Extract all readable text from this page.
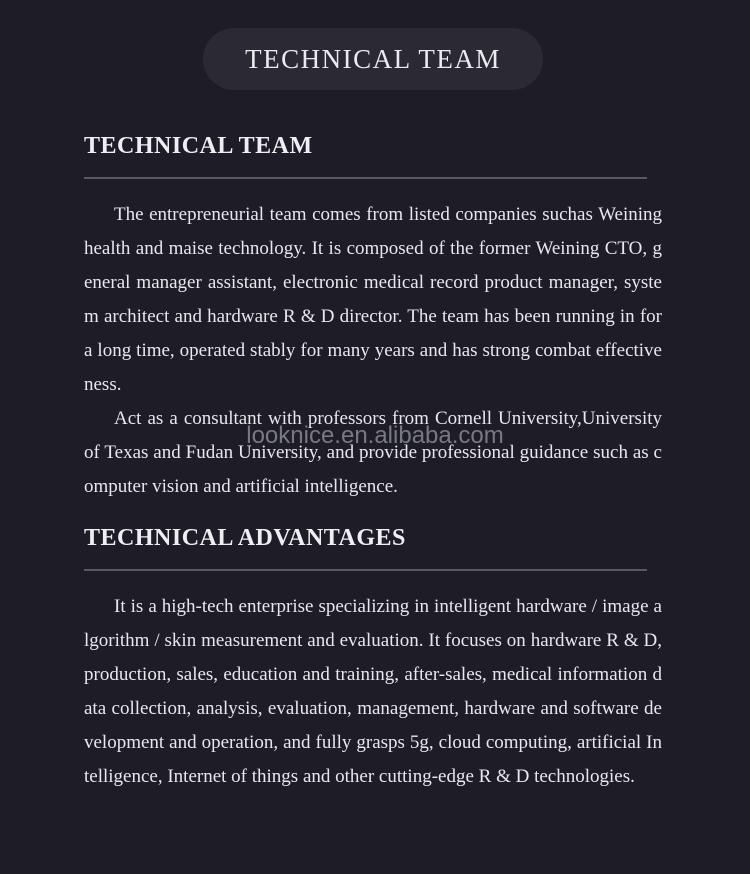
TECHNICAL TEAM
TECHNICAL TEAM

The entrepreneurial team comes from listed companies suchas Weining health and maise technology. It is composed of the former Weining CTO, general manager assistant, electronic medical record product manager, system architect and hardware R & D director. The team has been running in for a long time, operated stably for many years and has strong combat effectiveness.

Act as a consultant with professors from Cornell University,University of Texas and Fudan University, and provide professional guidance such as computer vision and artificial intelligence.

looknice.en.alibaba.com
TECHNICAL ADVANTAGES

It is a high-tech enterprise specializing in intelligent hardware / image algorithm / skin measurement and evaluation. It focuses on hardware R & D, production, sales, education and training, after-sales, medical information data collection, analysis, evaluation, management, hardware and software development and operation, and fully grasps 5g, cloud computing, artificial Intelligence, Internet of things and other cutting-edge R & D technologies.
